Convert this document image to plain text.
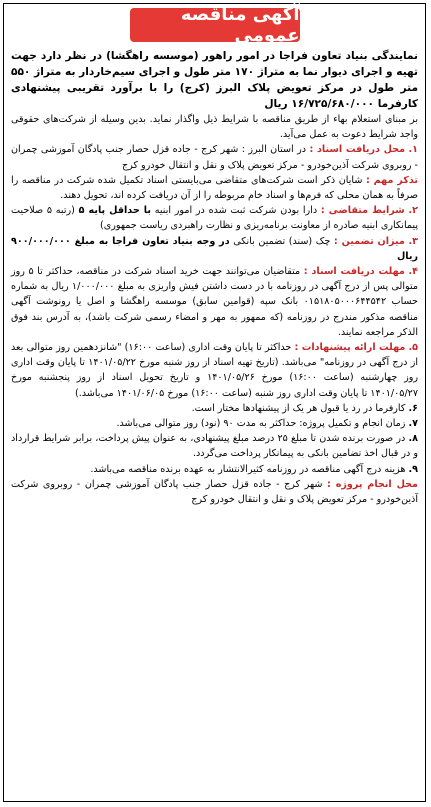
آگهی مناقصه عمومی

نمایندگی بنیاد تعاون فراجا در امور راهور (موسسه راهگشا) در نظر دارد جهت تهیه و اجرای دیوار نما به متراژ ۱۷۰ متر طول و اجرای سیم‌خاردار به متراژ ۵۵۰ متر طول در مرکز تعویض پلاک البرز (کرج) را با برآورد تقریبی پیشنهادی کارفرما ۱۶/۷۲۵/۶۸۰/۰۰۰ ریال

بر مبنای استعلام بهاء از طریق مناقصه با شرایط ذیل واگذار نماید. بدین وسیله از شرکت‌های حقوقی واجد شرایط دعوت به عمل می‌آید.

۱. محل دریافت اسناد : در استان البرز : شهر کرج - جاده قزل حصار جنب پادگان آموزشی چمران - روبروی شرکت آذین‌خودرو - مرکز تعویض پلاک و نقل و انتقال خودرو کرج

تذکر مهم : شایان ذکر است شرکت‌های متقاضی می‌بایستی اسناد تکمیل شده شرکت در مناقصه را صرفاً به همان محلی که فرم‌ها و اسناد خام مربوطه را از آن دریافت کرده اند، تحویل دهند.

۲. شرایط متقاضی : دارا بودن شرکت ثبت شده در امور ابنیه با حداقل پایه ۵ (رتبه ۵ صلاحیت پیمانکاری ابنیه صادره از معاونت برنامه‌ریزی و نظارت راهبردی ریاست جمهوری)

۳. میزان تضمین : چک (سند) تضمین بانکی در وجه بنیاد تعاون فراجا به مبلغ ۹۰۰/۰۰۰/۰۰۰ ریال

۴. مهلت دریافت اسناد : متقاضیان می‌توانند جهت خرید اسناد شرکت در مناقصه، حداکثر تا ۵ روز متوالی پس از درج آگهی در روزنامه با در دست داشتن فیش واریزی به مبلغ ۱/۰۰۰/۰۰۰ ریال به شماره حساب ۰۱۵۱۸۰۵۰۰۰۶۴۴۵۴۲ بانک سپه (قوامین سابق) موسسه راهگشا و اصل یا رونوشت آگهی مناقصه مذکور مندرج در روزنامه (که ممهور به مهر و امضاء رسمی شرکت باشد)، به آدرس بند فوق الذکر مراجعه نمایند.

۵. مهلت ارائه پیشنهادات : حداکثر تا پایان وقت اداری (ساعت ۱۶:۰۰) "شانزدهمین روز متوالی بعد از درج آگهی در روزنامه" می‌باشد. (تاریخ تهیه اسناد از روز شنبه مورخ ۱۴۰۱/۰۵/۲۲ تا پایان وقت اداری روز چهارشنبه (ساعت ۱۶:۰۰) مورخ ۱۴۰۱/۰۵/۲۶ و تاریخ تحویل اسناد از روز پنجشنبه مورخ ۱۴۰۱/۰۵/۲۷ تا پایان وقت اداری روز شنبه (ساعت ۱۶:۰۰) مورخ ۱۴۰۱/۰۶/۰۵ می‌باشد.)

۶. کارفرما در رد یا قبول هر یک از پیشنهادها مختار است.

۷. زمان انجام و تکمیل پروژه: حداکثر به مدت ۹۰ (نود) روز متوالی می‌باشد.

۸. در صورت برنده شدن تا مبلغ ۲۵ درصد مبلغ پیشنهادی، به عنوان پیش پرداخت، برابر شرایط قرارداد و در قبال اخذ تضامین بانکی به پیمانکار پرداخت می‌گردد.

۹. هزینه درج آگهی مناقصه در روزنامه کثیرالانتشار به عهده برنده مناقصه می‌باشد.

محل انجام پروژه : شهر کرج - جاده قزل حصار جنب پادگان آموزشی چمران - روبروی شرکت آذین‌خودرو - مرکز تعویض پلاک و نقل و انتقال خودرو کرج
